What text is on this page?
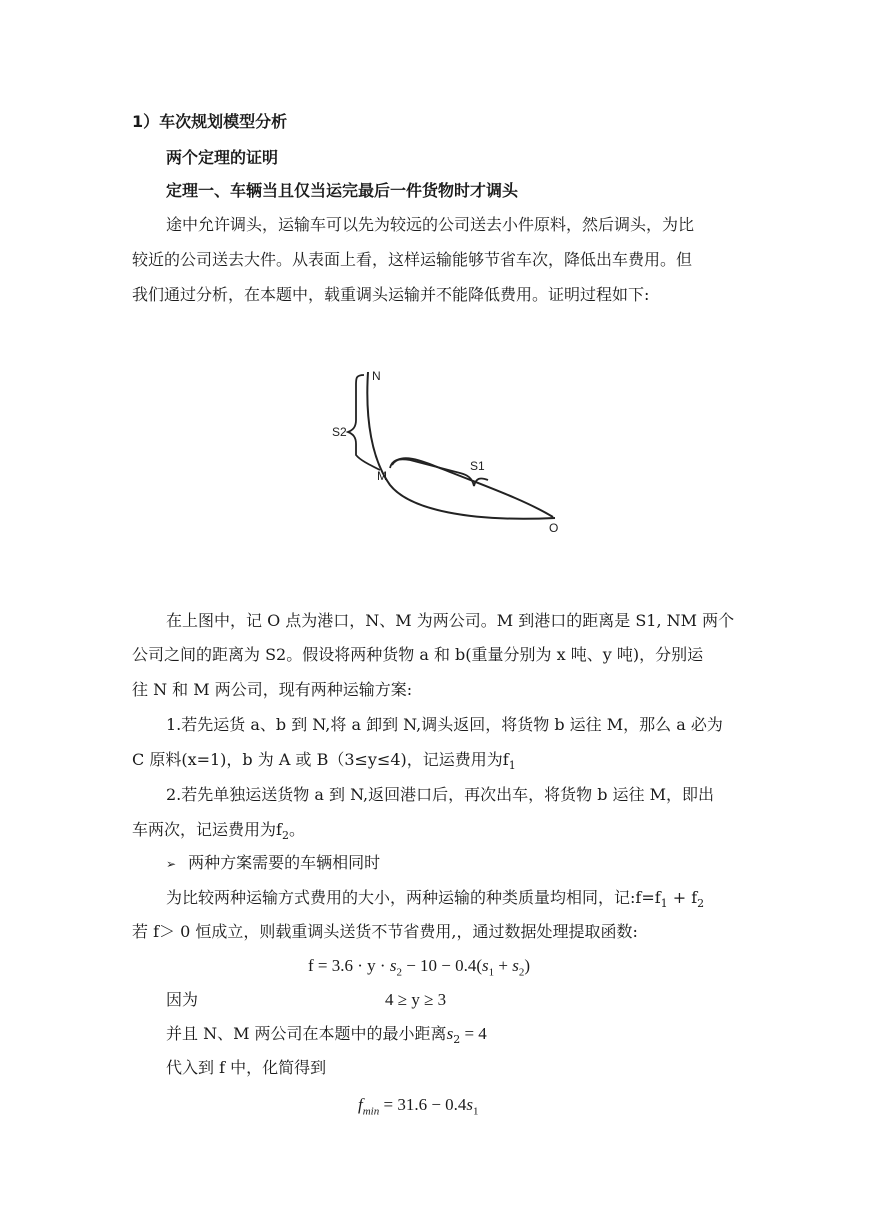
1）车次规划模型分析
两个定理的证明
定理一、车辆当且仅当运完最后一件货物时才调头
途中允许调头，运输车可以先为较远的公司送去小件原料，然后调头，为比
较近的公司送去大件。从表面上看，这样运输能够节省车次，降低出车费用。但
我们通过分析，在本题中，载重调头运输并不能降低费用。证明过程如下:
N
S2
M
S1
O
在上图中，记 O 点为港口，N、M 为两公司。M 到港口的距离是 S1, NM 两个
公司之间的距离为 S2。假设将两种货物 a 和 b(重量分别为 x 吨、y 吨)，分别运
往 N 和 M 两公司，现有两种运输方案:
1.若先运货 a、b 到 N,将 a 卸到 N,调头返回，将货物 b 运往 M，那么 a 必为
C 原料(x=1)，b 为 A 或 B（3≤y≤4)，记运费用为$f_1$
2.若先单独运送货物 a 到 N,返回港口后，再次出车，将货物 b 运往 M，即出
车两次，记运费用为$f_2$。
➢ 两种方案需要的车辆相同时
为比较两种运输方式费用的大小，两种运输的种类质量均相同，记$:f=f_1 + f_2$
若 f＞ 0 恒成立，则载重调头送货不节省费用,，通过数据处理提取函数:
$f = 3.6 \cdot y \cdot s_2 - 10 - 0.4(s_1 + s_2)$
因为	4 ≥ y ≥ 3
并且 N、M 两公司在本题中的最小距离$s_2 = 4$
代入到 f 中，化简得到
$f_{min} = 31.6 - 0.4s_1$
